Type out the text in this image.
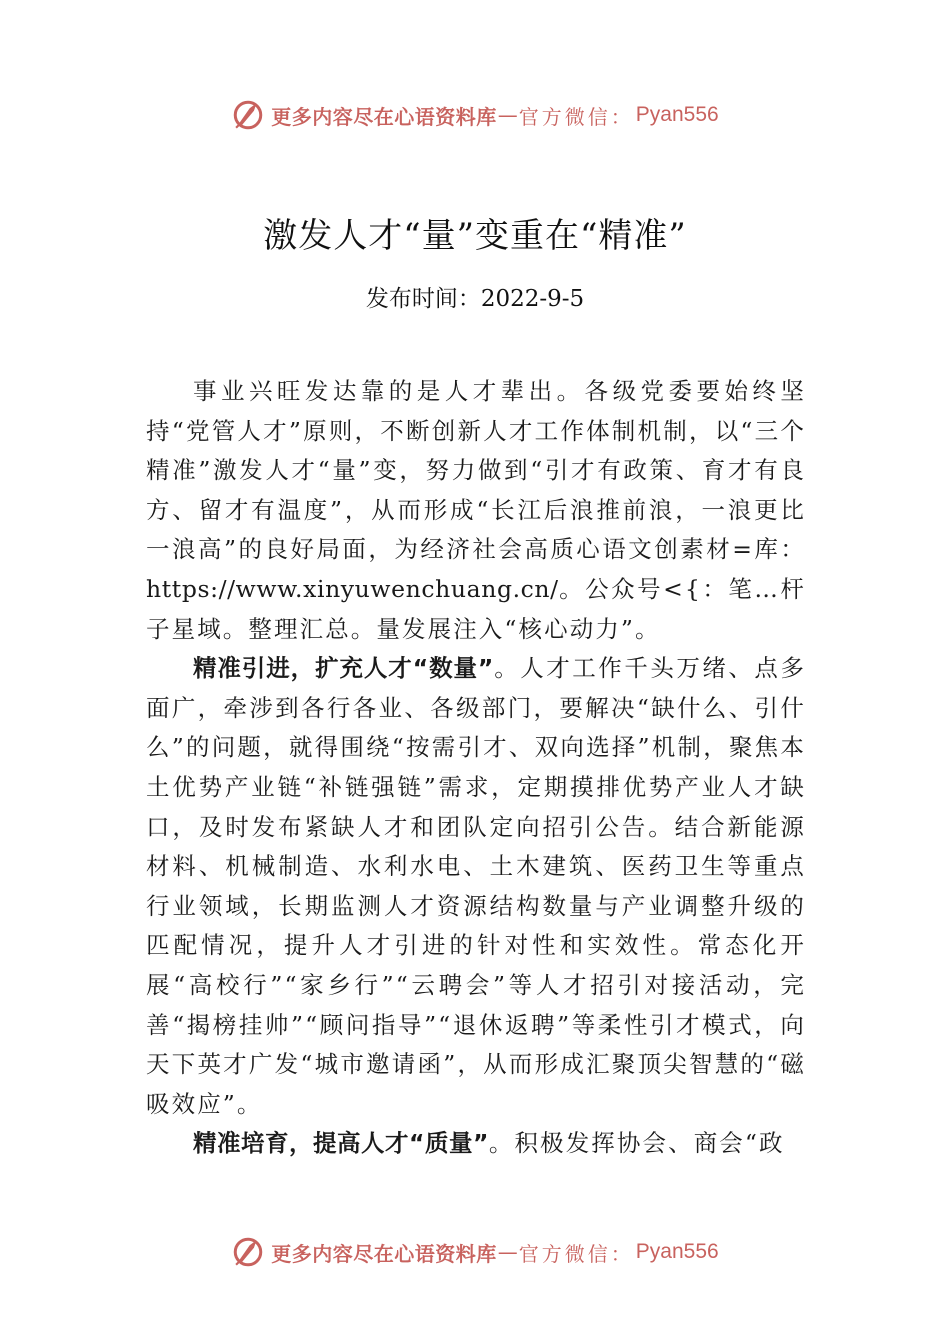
更多内容尽在心语资料库 — 官方微信： Pyan556
激发人才“量”变重在“精准”
发布时间：2022-9-5

事业兴旺发达靠的是人才辈出。各级党委要始终坚持“党管人才”原则，不断创新人才工作体制机制，以“三个精准”激发人才“量”变，努力做到“引才有政策、育才有良方、留才有温度”，从而形成“长江后浪推前浪，一浪更比一浪高”的良好局面，为经济社会高质心语文创素材=库：https://www.xinyuwenchuang.cn/。公众号<{：笔…杆子星域。整理汇总。量发展注入“核心动力”。

精准引进，扩充人才“数量”。人才工作千头万绪、点多面广，牵涉到各行各业、各级部门，要解决“缺什么、引什么”的问题，就得围绕“按需引才、双向选择”机制，聚焦本土优势产业链“补链强链”需求，定期摸排优势产业人才缺口，及时发布紧缺人才和团队定向招引公告。结合新能源材料、机械制造、水利水电、土木建筑、医药卫生等重点行业领域，长期监测人才资源结构数量与产业调整升级的匹配情况，提升人才引进的针对性和实效性。常态化开展“高校行”“家乡行”“云聘会”等人才招引对接活动，完善“揭榜挂帅”“顾问指导”“退休返聘”等柔性引才模式，向天下英才广发“城市邀请函”，从而形成汇聚顶尖智慧的“磁 吸效应”。

精准培育，提高人才“质量”。积极发挥协会、商会“政

更多内容尽在心语资料库 — 官方微信： Pyan556
